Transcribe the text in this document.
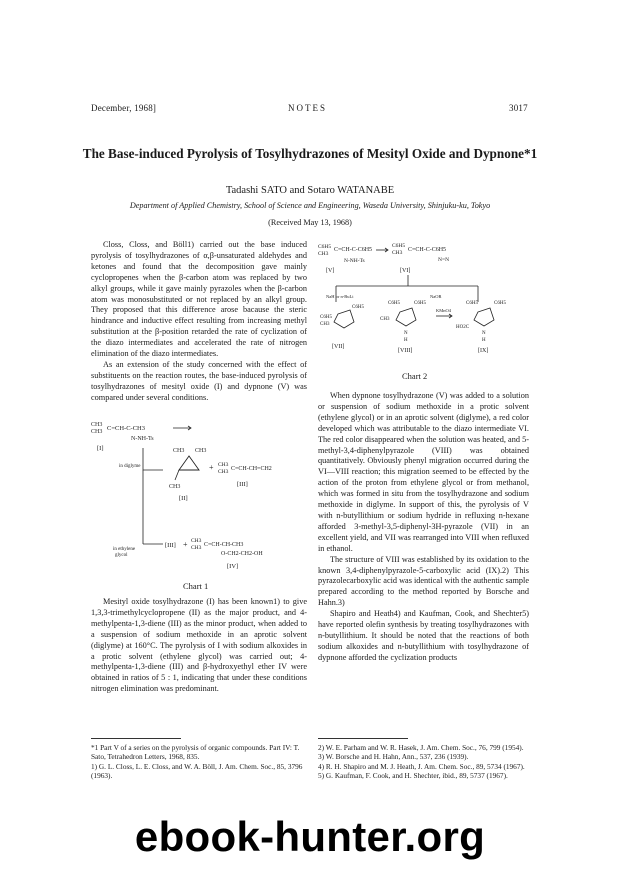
December, 1968]	NOTES	3017
The Base-induced Pyrolysis of Tosylhydrazones of Mesityl Oxide and Dypnone*1
Tadashi SATO and Sotaro WATANABE
Department of Applied Chemistry, School of Science and Engineering, Waseda University, Shinjuku-ku, Tokyo
(Received May 13, 1968)

Closs, Closs, and Böll1) carried out the base induced pyrolysis of tosylhydrazones of α,β-unsaturated aldehydes and ketones and found that the decomposition gave mainly cyclopropenes when the β-carbon atom was replaced by two alkyl groups, while it gave mainly pyrazoles when the β-carbon atom was monosubstituted or not replaced by an alkyl group. They proposed that this difference arose bacause the steric hindrance and inductive effect resulting from increasing methyl substitution at the β-position retarded the rate of cyclization of the diazo intermediates and accelerated the rate of nitrogen elimination of the diazo intermediates.

As an extension of the study concerned with the effect of substituents on the reaction routes, the base-induced pyrolysis of tosylhydrazones of mesityl oxide (I) and dypnone (V) was compared under several conditions.

CH3
CH3 C=CH-C-CH3
N-NH-Ts
[I]
in diglyme
in ethylene
glycol
CH3 CH3
CH3
[II]
+ CH3
CH3 C=CH-CH=CH2
[III]
[III] + CH3
CH3 C=CH-CH-CH3
O-CH2-CH2-OH
[IV]
Chart 1

Mesityl oxide tosylhydrazone (I) has been known1) to give 1,3,3-trimethylcyclopropene (II) as the major product, and 4-methylpenta-1,3-diene (III) as the minor product, when added to a suspension of sodium methoxide in an aprotic solvent (diglyme) at 160°C. The pyrolysis of I with sodium alkoxides in a protic solvent (ethylene glycol) was carried out; 4-methylpenta-1,3-diene (III) and β-hydroxyethyl ether IV were obtained in ratios of 5 : 1, indicating that under these conditions nitrogen elimination was predominant.

*1 Part V of a series on the pyrolysis of organic compounds. Part IV: T. Sato, Tetrahedron Letters, 1968, 835.

1) G. L. Closs, L. E. Closs, and W. A. Böll, J. Am. Chem. Soc., 85, 3796 (1963).

C6H5
CH3
C=CH-C-C6H5
N-NH-Ts
[V]
C6H5
CH3 C=CH-C-C6H5
N=N
[VI]
NaH or n-BuLi	NaOR
C6H5
CH3
C6H5
[VII]
CH3
C6H5	C6H5
N
H
[VIII]
KMnO4
HO2C
C6H5	C6H5
N
H
[IX]
Chart 2

When dypnone tosylhydrazone (V) was added to a solution or suspension of sodium methoxide in a protic solvent (ethylene glycol) or in an aprotic solvent (diglyme), a red color developed which was attributable to the diazo intermediate VI. The red color disappeared when the solution was heated, and 5-methyl-3,4-diphenylpyrazole (VIII) was obtained quantitatively. Obviously phenyl migration occurred during the VI—VIII reaction; this migration seemed to be effected by the action of the proton from ethylene glycol or from methanol, which was formed in situ from the tosylhydrazone and sodium methoxide in diglyme. In support of this, the pyrolysis of V with n-butyllithium or sodium hydride in refluxing n-hexane afforded 3-methyl-3,5-diphenyl-3H-pyrazole (VII) in an excellent yield, and VII was rearranged into VIII when refluxed in ethanol.

The structure of VIII was established by its oxidation to the known 3,4-diphenylpyrazole-5-carboxylic acid (IX).2) This pyrazolecarboxylic acid was identical with the authentic sample prepared according to the method reported by Borsche and Hahn.3)

Shapiro and Heath4) and Kaufman, Cook, and Shechter5) have reported olefin synthesis by treating tosylhydrazones with n-butyllithium. It should be noted that the reactions of both sodium alkoxides and n-butyllithium with tosylhydrazone of dypnone afforded the cyclization products

2) W. E. Parham and W. R. Hasek, J. Am. Chem. Soc., 76, 799 (1954).

3) W. Borsche and H. Hahn, Ann., 537, 236 (1939).

4) R. H. Shapiro and M. J. Heath, J. Am. Chem. Soc., 89, 5734 (1967).

5) G. Kaufman, F. Cook, and H. Shechter, ibid., 89, 5737 (1967).

ebook-hunter.org
